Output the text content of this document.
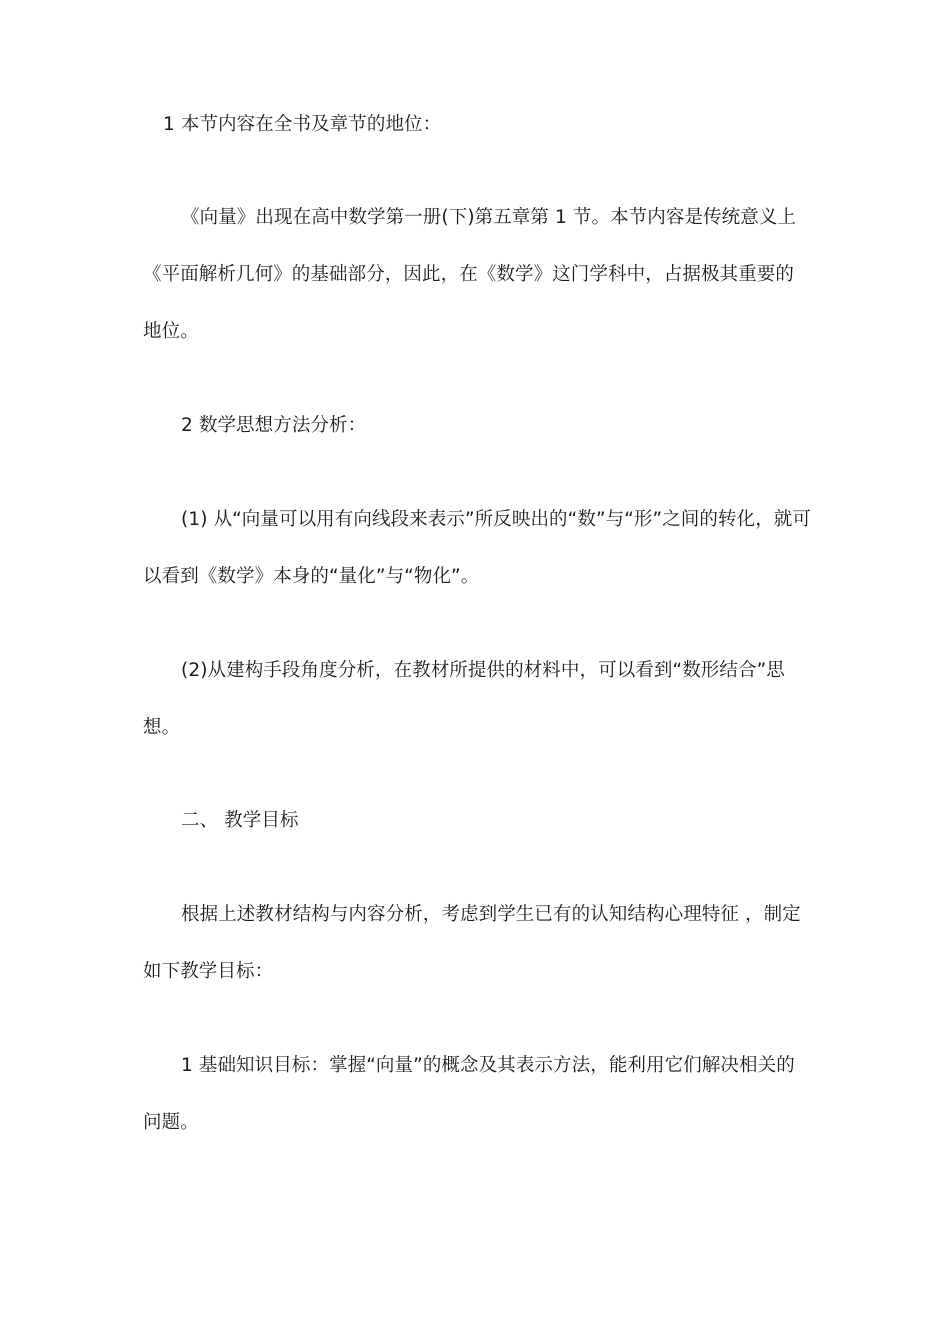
1 本节内容在全书及章节的地位：

《向量》出现在高中数学第一册(下)第五章第 1 节。本节内容是传统意义上《平面解析几何》的基础部分，因此，在《数学》这门学科中，占据极其重要的地位。

2 数学思想方法分析：

(1) 从“向量可以用有向线段来表示”所反映出的“数”与“形”之间的转化，就可以看到《数学》本身的“量化”与“物化”。

(2)从建构手段角度分析，在教材所提供的材料中，可以看到“数形结合”思想。

二、 教学目标

根据上述教材结构与内容分析，考虑到学生已有的认知结构心理特征 ，制定如下教学目标：

1 基础知识目标：掌握“向量”的概念及其表示方法，能利用它们解决相关的问题。
